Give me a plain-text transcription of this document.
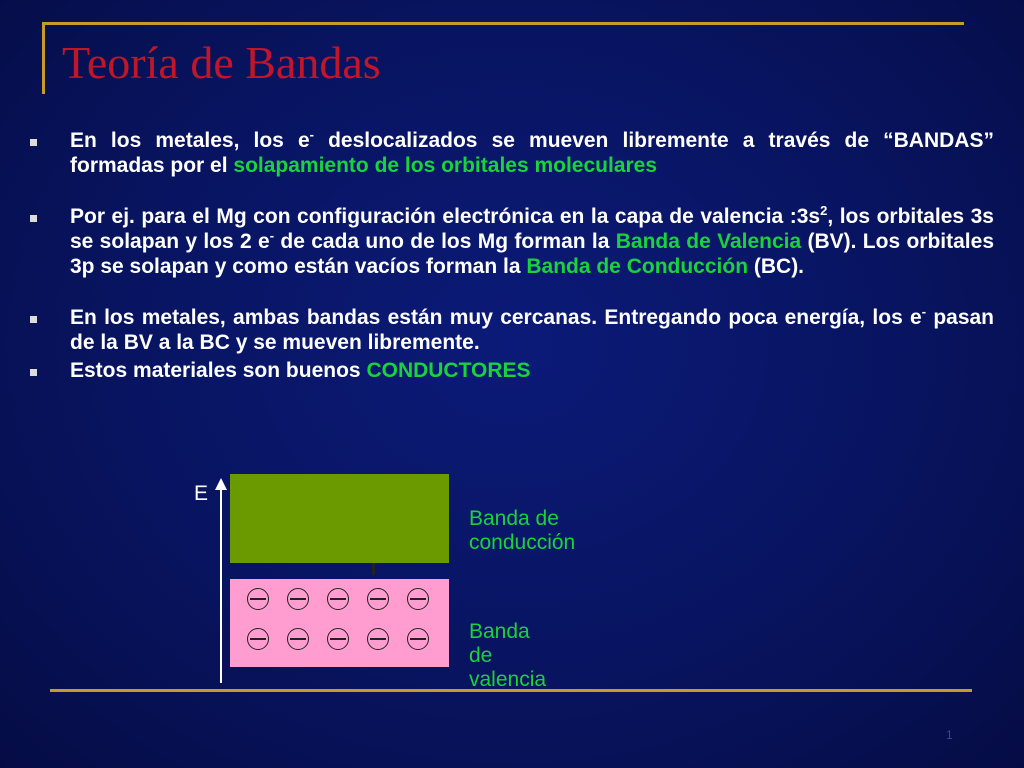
Teoría de Bandas
En los metales, los e- deslocalizados se mueven libremente a través de “BANDAS” formadas por el solapamiento de los orbitales moleculares
Por ej. para el Mg con configuración electrónica en la capa de valencia $:3s^2$, los orbitales 3s se solapan y los 2 e- de cada uno de los Mg forman la Banda de Valencia (BV). Los orbitales 3p se solapan y como están vacíos forman la Banda de Conducción (BC).
En los metales, ambas bandas están muy cercanas. Entregando poca energía, los e- pasan de la BV a la BC y se mueven libremente.
Estos materiales son buenos CONDUCTORES
E
Banda de conducción
Banda de valencia
1
